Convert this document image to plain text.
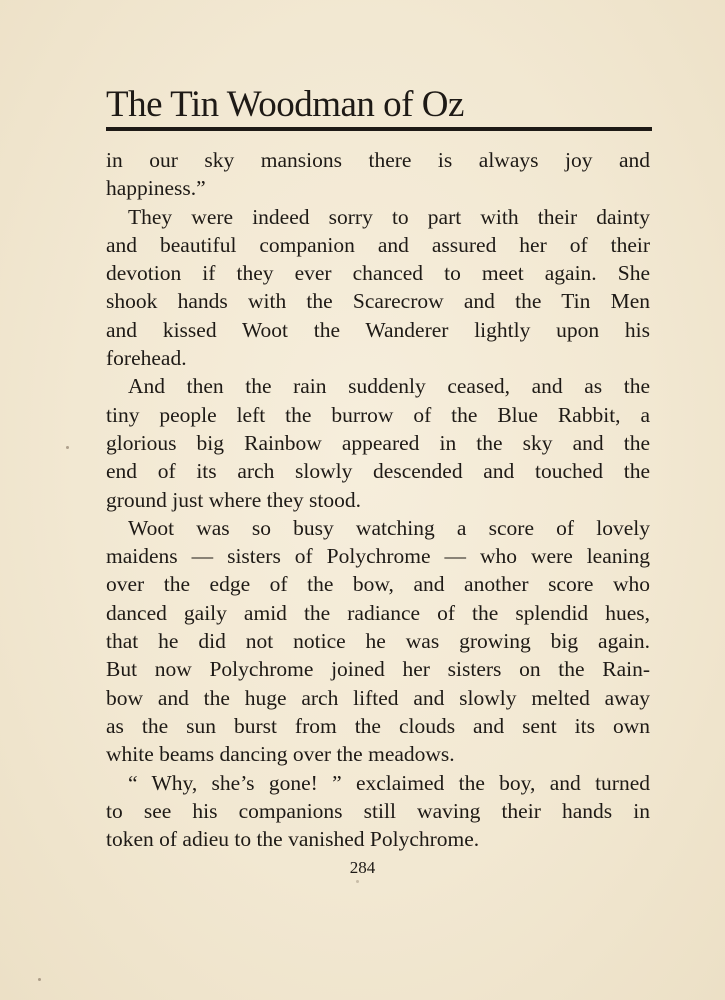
The Tin Woodman of Oz
in our sky mansions there is always joy and
happiness.”
They were indeed sorry to part with their dainty
and beautiful companion and assured her of their
devotion if they ever chanced to meet again. She
shook hands with the Scarecrow and the Tin Men
and kissed Woot the Wanderer lightly upon his
forehead.
And then the rain suddenly ceased, and as the
tiny people left the burrow of the Blue Rabbit, a
glorious big Rainbow appeared in the sky and the
end of its arch slowly descended and touched the
ground just where they stood.
Woot was so busy watching a score of lovely
maidens — sisters of Polychrome — who were leaning
over the edge of the bow, and another score who
danced gaily amid the radiance of the splendid hues,
that he did not notice he was growing big again.
But now Polychrome joined her sisters on the Rain-
bow and the huge arch lifted and slowly melted away
as the sun burst from the clouds and sent its own
white beams dancing over the meadows.
“ Why, she’s gone! ” exclaimed the boy, and turned
to see his companions still waving their hands in
token of adieu to the vanished Polychrome.
284
